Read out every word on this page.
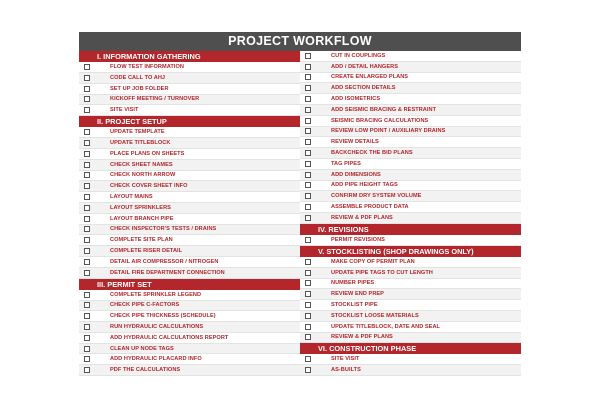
PROJECT WORKFLOW
I. INFORMATION GATHERING
FLOW TEST INFORMATION
CODE CALL TO AHJ
SET UP JOB FOLDER
KICKOFF MEETING / TURNOVER
SITE VISIT
II. PROJECT SETUP
UPDATE TEMPLATE
UPDATE TITLEBLOCK
PLACE PLANS ON SHEETS
CHECK SHEET NAMES
CHECK NORTH ARROW
CHECK COVER SHEET INFO
LAYOUT MAINS
LAYOUT SPRINKLERS
LAYOUT BRANCH PIPE
CHECK INSPECTOR'S TESTS / DRAINS
COMPLETE SITE PLAN
COMPLETE RISER DETAIL
DETAIL AIR COMPRESSOR / NITROGEN
DETAIL FIRE DEPARTMENT CONNECTION
III. PERMIT SET
COMPLETE SPRINKLER LEGEND
CHECK PIPE C-FACTORS
CHECK PIPE THICKNESS (SCHEDULE)
RUN HYDRAULIC CALCULATIONS
ADD HYDRAULIC CALCULATIONS REPORT
CLEAN UP NODE TAGS
ADD HYDRAULIC PLACARD INFO
PDF THE CALCULATIONS
CUT IN COUPLINGS
ADD / DETAIL HANGERS
CREATE ENLARGED PLANS
ADD SECTION DETAILS
ADD ISOMETRICS
ADD SEISMIC BRACING & RESTRAINT
SEISMIC BRACING CALCULATIONS
REVIEW LOW POINT / AUXILIARY DRAINS
REVIEW DETAILS
BACKCHECK THE BID PLANS
TAG PIPES
ADD DIMENSIONS
ADD PIPE HEIGHT TAGS
CONFIRM DRY SYSTEM VOLUME
ASSEMBLE PRODUCT DATA
REVIEW & PDF PLANS
IV. REVISIONS
PERMIT REVISIONS
V. STOCKLISTING (SHOP DRAWINGS ONLY)
MAKE COPY OF PERMIT PLAN
UPDATE PIPE TAGS TO CUT LENGTH
NUMBER PIPES
REVIEW END PREP
STOCKLIST PIPE
STOCKLIST LOOSE MATERIALS
UPDATE TITLEBLOCK, DATE AND SEAL
REVIEW & PDF PLANS
VI. CONSTRUCTION PHASE
SITE VISIT
AS-BUILTS
